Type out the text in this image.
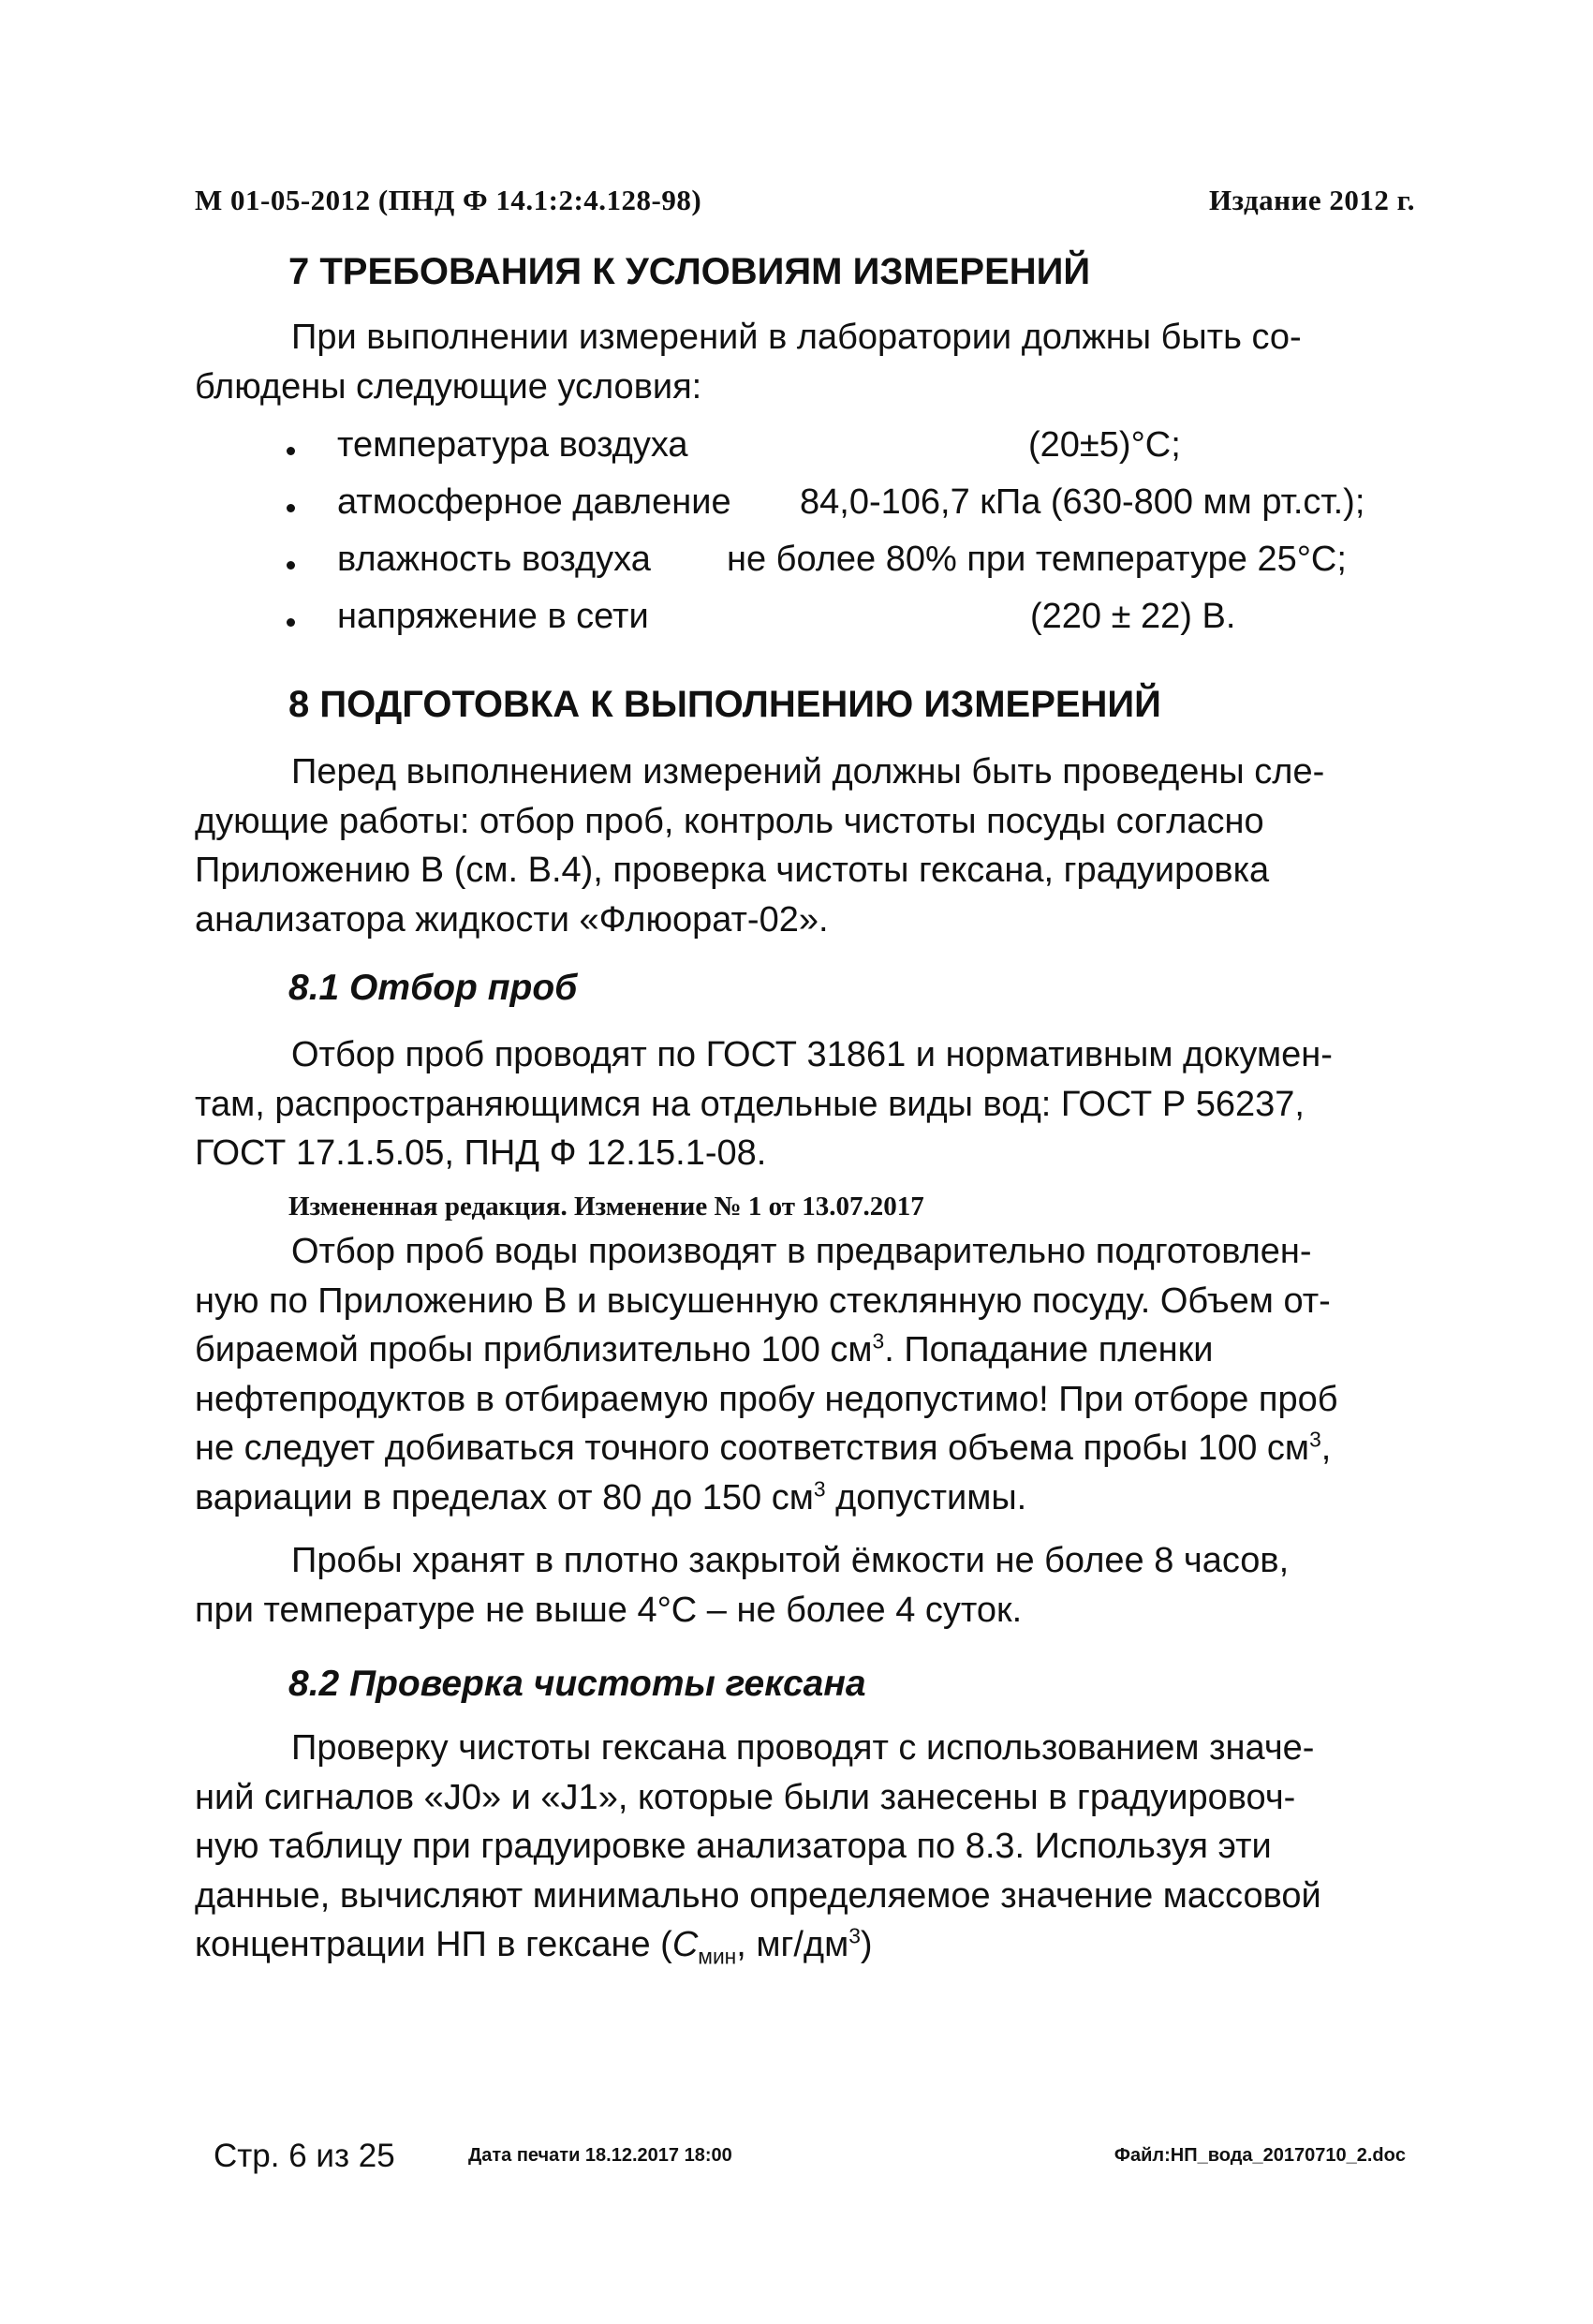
М 01-05-2012 (ПНД Ф 14.1:2:4.128-98)	Издание 2012 г.
7 ТРЕБОВАНИЯ К УСЛОВИЯМ ИЗМЕРЕНИЙ
При выполнении измерений в лаборатории должны быть со-
блюдены следующие условия:
температура воздуха	(20±5)°С;
атмосферное давление 84,0-106,7 кПа (630-800 мм рт.ст.);
влажность воздуха не более 80% при температуре 25°С;
напряжение в сети	(220 ± 22) В.
8 ПОДГОТОВКА К ВЫПОЛНЕНИЮ ИЗМЕРЕНИЙ
Перед выполнением измерений должны быть проведены сле-
дующие работы: отбор проб, контроль чистоты посуды согласно
Приложению В (см. В.4), проверка чистоты гексана, градуировка
анализатора жидкости «Флюорат-02».
8.1 Отбор проб
Отбор проб проводят по ГОСТ 31861 и нормативным докумен-
там, распространяющимся на отдельные виды вод: ГОСТ Р 56237,
ГОСТ 17.1.5.05, ПНД Ф 12.15.1-08.
Измененная редакция. Изменение № 1 от 13.07.2017
Отбор проб воды производят в предварительно подготовлен-
ную по Приложению В и высушенную стеклянную посуду. Объем от-
бираемой пробы приблизительно 100 $см^3$. Попадание пленки
нефтепродуктов в отбираемую пробу недопустимо! При отборе проб
не следует добиваться точного соответствия объема пробы 100 $см^3$,
вариации в пределах от 80 до 150 $см^3$ допустимы.
Пробы хранят в плотно закрытой ёмкости не более 8 часов,
при температуре не выше 4°С – не более 4 суток.
8.2 Проверка чистоты гексана
Проверку чистоты гексана проводят с использованием значе-
ний сигналов «J0» и «J1», которые были занесены в градуировоч-
ную таблицу при градуировке анализатора по 8.3. Используя эти
данные, вычисляют минимально определяемое значение массовой
концентрации НП в гексане ($С_{мин}$, $мг/дм^3$)
Стр. 6 из 25	Дата печати 18.12.2017 18:00	Файл:НП_вода_20170710_2.doc
